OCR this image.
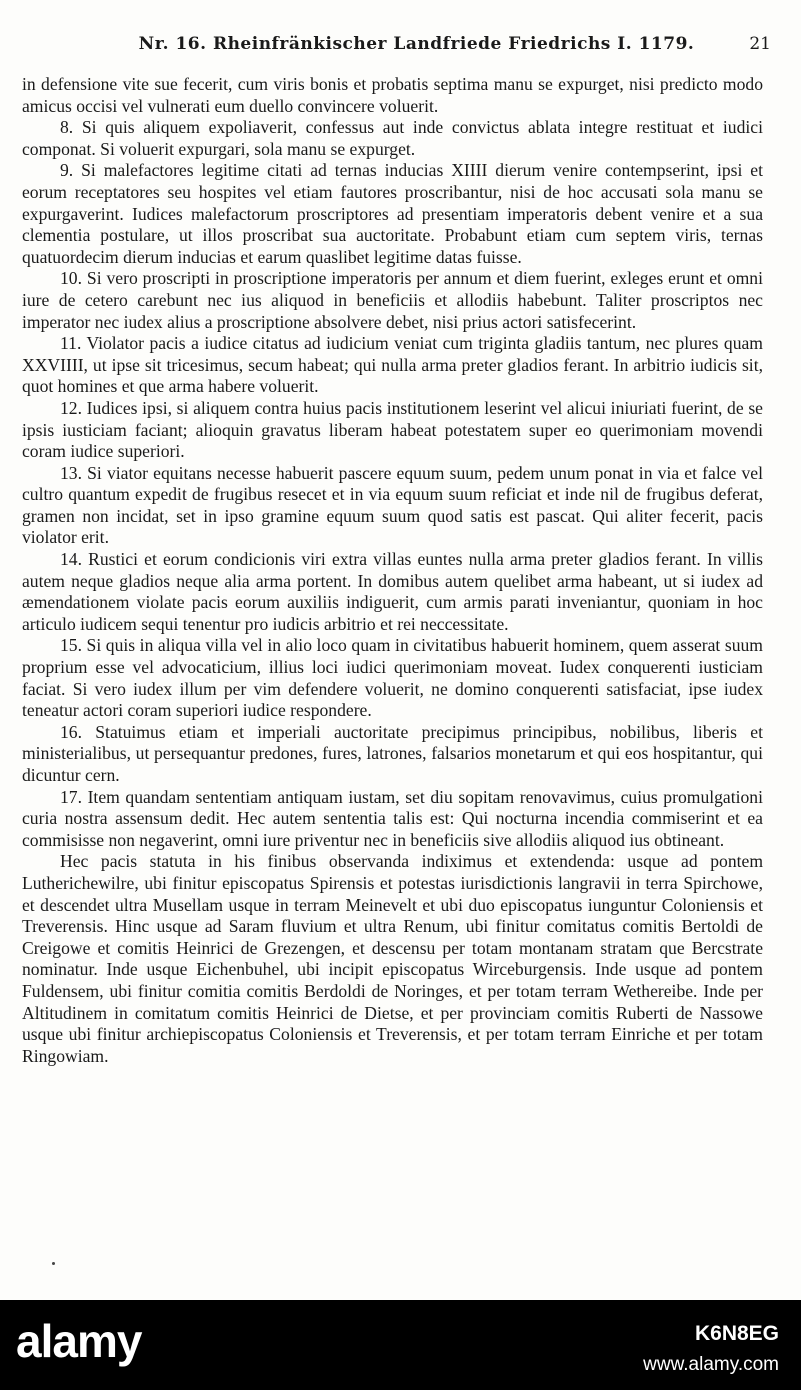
Nr. 16. Rheinfränkischer Landfriede Friedrichs I. 1179.	21

in defensione vite sue fecerit, cum viris bonis et probatis septima manu se expurget, nisi predicto modo amicus occisi vel vulnerati eum duello convincere voluerit.

8. Si quis aliquem expoliaverit, confessus aut inde convictus ablata integre restituat et iudici componat. Si voluerit expurgari, sola manu se expurget.

9. Si malefactores legitime citati ad ternas inducias XIIII dierum venire contempserint, ipsi et eorum receptatores seu hospites vel etiam fautores proscribantur, nisi de hoc accusati sola manu se expurgaverint. Iudices malefactorum proscriptores ad presentiam imperatoris debent venire et a sua clementia postulare, ut illos proscribat sua auctoritate. Probabunt etiam cum septem viris, ternas quatuordecim dierum inducias et earum quaslibet legitime datas fuisse.

10. Si vero proscripti in proscriptione imperatoris per annum et diem fuerint, exleges erunt et omni iure de cetero carebunt nec ius aliquod in beneficiis et allodiis habebunt. Taliter proscriptos nec imperator nec iudex alius a proscriptione absolvere debet, nisi prius actori satisfecerint.

11. Violator pacis a iudice citatus ad iudicium veniat cum triginta gladiis tantum, nec plures quam XXVIIII, ut ipse sit tricesimus, secum habeat; qui nulla arma preter gladios ferant. In arbitrio iudicis sit, quot homines et que arma habere voluerit.

12. Iudices ipsi, si aliquem contra huius pacis institutionem leserint vel alicui iniuriati fuerint, de se ipsis iusticiam faciant; alioquin gravatus liberam habeat potestatem super eo querimoniam movendi coram iudice superiori.

13. Si viator equitans necesse habuerit pascere equum suum, pedem unum ponat in via et falce vel cultro quantum expedit de frugibus resecet et in via equum suum reficiat et inde nil de frugibus deferat, gramen non incidat, set in ipso gramine equum suum quod satis est pascat. Qui aliter fecerit, pacis violator erit.

14. Rustici et eorum condicionis viri extra villas euntes nulla arma preter gladios ferant. In villis autem neque gladios neque alia arma portent. In domibus autem quelibet arma habeant, ut si iudex ad æmendationem violate pacis eorum auxiliis indiguerit, cum armis parati inveniantur, quoniam in hoc articulo iudicem sequi tenentur pro iudicis arbitrio et rei neccessitate.

15. Si quis in aliqua villa vel in alio loco quam in civitatibus habuerit hominem, quem asserat suum proprium esse vel advocaticium, illius loci iudici querimoniam moveat. Iudex conquerenti iusticiam faciat. Si vero iudex illum per vim defendere voluerit, ne domino conquerenti satisfaciat, ipse iudex teneatur actori coram superiori iudice respondere.

16. Statuimus etiam et imperiali auctoritate precipimus principibus, nobilibus, liberis et ministerialibus, ut persequantur predones, fures, latrones, falsarios monetarum et qui eos hospitantur, qui dicuntur cern.

17. Item quandam sententiam antiquam iustam, set diu sopitam renovavimus, cuius promulgationi curia nostra assensum dedit. Hec autem sententia talis est: Qui nocturna incendia commiserint et ea commisisse non negaverint, omni iure priventur nec in beneficiis sive allodiis aliquod ius obtineant.

Hec pacis statuta in his finibus observanda indiximus et extendenda: usque ad pontem Lutherichewilre, ubi finitur episcopatus Spirensis et potestas iurisdictionis langravii in terra Spirchowe, et descendet ultra Musellam usque in terram Meinevelt et ubi duo episcopatus iunguntur Coloniensis et Treverensis. Hinc usque ad Saram fluvium et ultra Renum, ubi finitur comitatus comitis Bertoldi de Creigowe et comitis Heinrici de Grezengen, et descensu per totam montanam stratam que Bercstrate nominatur. Inde usque Eichenbuhel, ubi incipit episcopatus Wirceburgensis. Inde usque ad pontem Fuldensem, ubi finitur comitia comitis Berdoldi de Noringes, et per totam terram Wethereibe. Inde per Altitudinem in comitatum comitis Heinrici de Dietse, et per provinciam comitis Ruberti de Nassowe usque ubi finitur archiepiscopatus Coloniensis et Treverensis, et per totam terram Einriche et per totam Ringowiam.

alamy	K6N8EG
www.alamy.com
